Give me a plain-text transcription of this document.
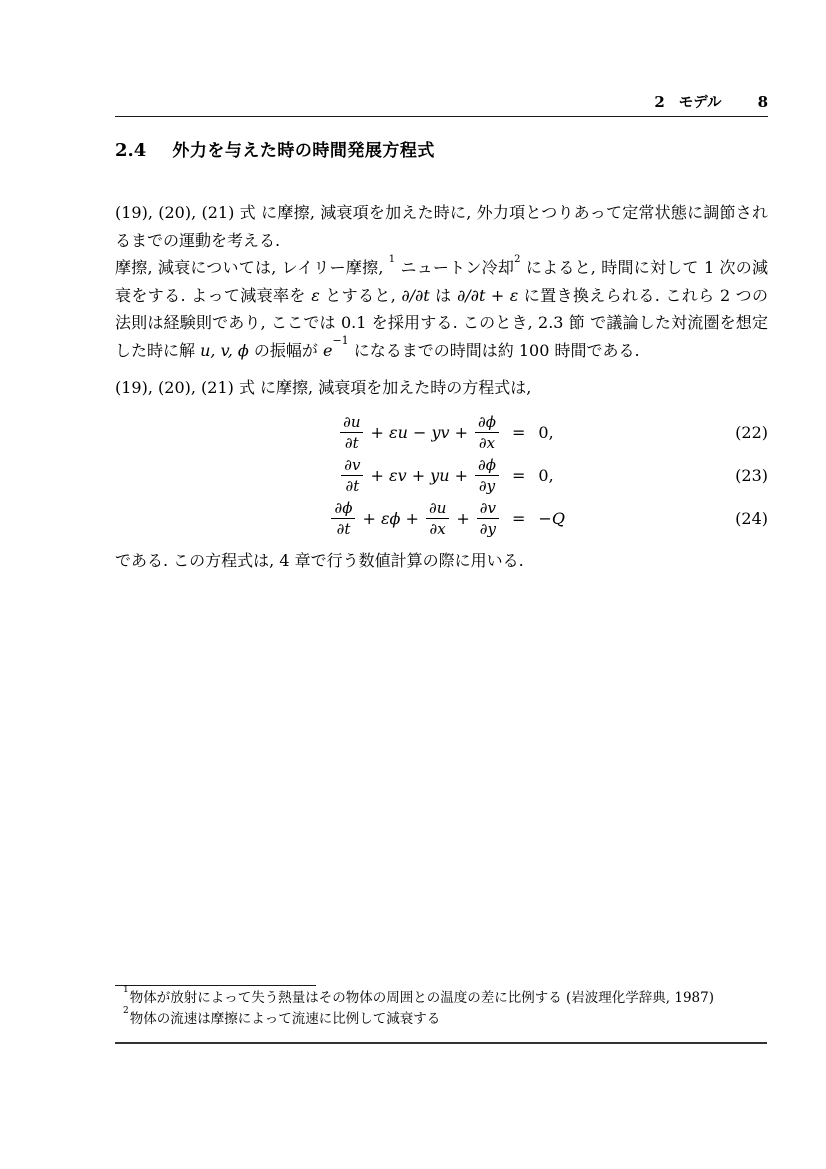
2 モデル 8
2.4 外力を与えた時の時間発展方程式

(19), (20), (21) 式 に摩擦, 減衰項を加えた時に, 外力項とつりあって定常状態に調節されるまでの運動を考える.

摩擦, 減衰については, レイリー摩擦, $^1$ ニュートン冷却$^2$ によると, 時間に対して 1 次の減衰をする. よって減衰率を ε とすると, ∂/∂t は ∂/∂t + ε に置き換えられる. これら 2 つの法則は経験則であり, ここでは 0.1 を採用する. このとき, 2.3 節 で議論した対流圏を想定した時に解 u, v, ϕ の振幅が $e^{-1}$ になるまでの時間は約 100 時間である.

(19), (20), (21) 式 に摩擦, 減衰項を加えた時の方程式は,

$\frac{\partial u}{\partial t} + \varepsilon u$ − yv + $\frac{\partial\phi}{\partial x} = 0$,	(22)
$\frac{\partial v}{\partial t} + \varepsilon v$ + yu + $\frac{\partial\phi}{\partial y} = 0$,	(23)
$\frac{\partial\phi}{\partial t} + \varepsilon\phi + \frac{\partial u}{\partial x} + \frac{\partial v}{\partial y} = -Q$	(24)

である. この方程式は, 4 章で行う数値計算の際に用いる.

$^1$物体が放射によって失う熱量はその物体の周囲との温度の差に比例する (岩波理化学辞典, 1987)

$^2$物体の流速は摩擦によって流速に比例して減衰する
